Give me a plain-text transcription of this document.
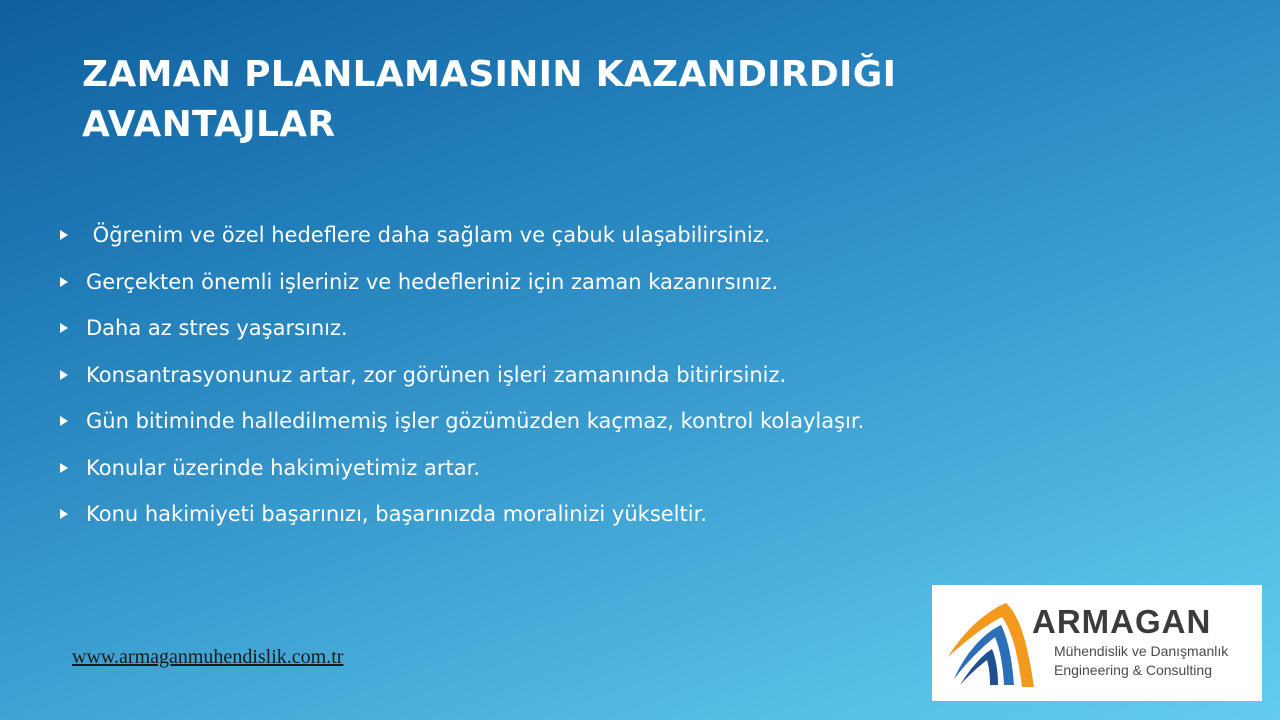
ZAMAN PLANLAMASININ KAZANDIRDIĞI
AVANTAJLAR
Öğrenim ve özel hedeflere daha sağlam ve çabuk ulaşabilirsiniz.
Gerçekten önemli işleriniz ve hedefleriniz için zaman kazanırsınız.
Daha az stres yaşarsınız.
Konsantrasyonunuz artar, zor görünen işleri zamanında bitirirsiniz.
Gün bitiminde halledilmemiş işler gözümüzden kaçmaz, kontrol kolaylaşır.
Konular üzerinde hakimiyetimiz artar.
Konu hakimiyeti başarınızı, başarınızda moralinizi yükseltir.
www.armaganmuhendislik.com.tr
ARMAGAN
Mühendislik ve Danışmanlık
Engineering & Consulting
